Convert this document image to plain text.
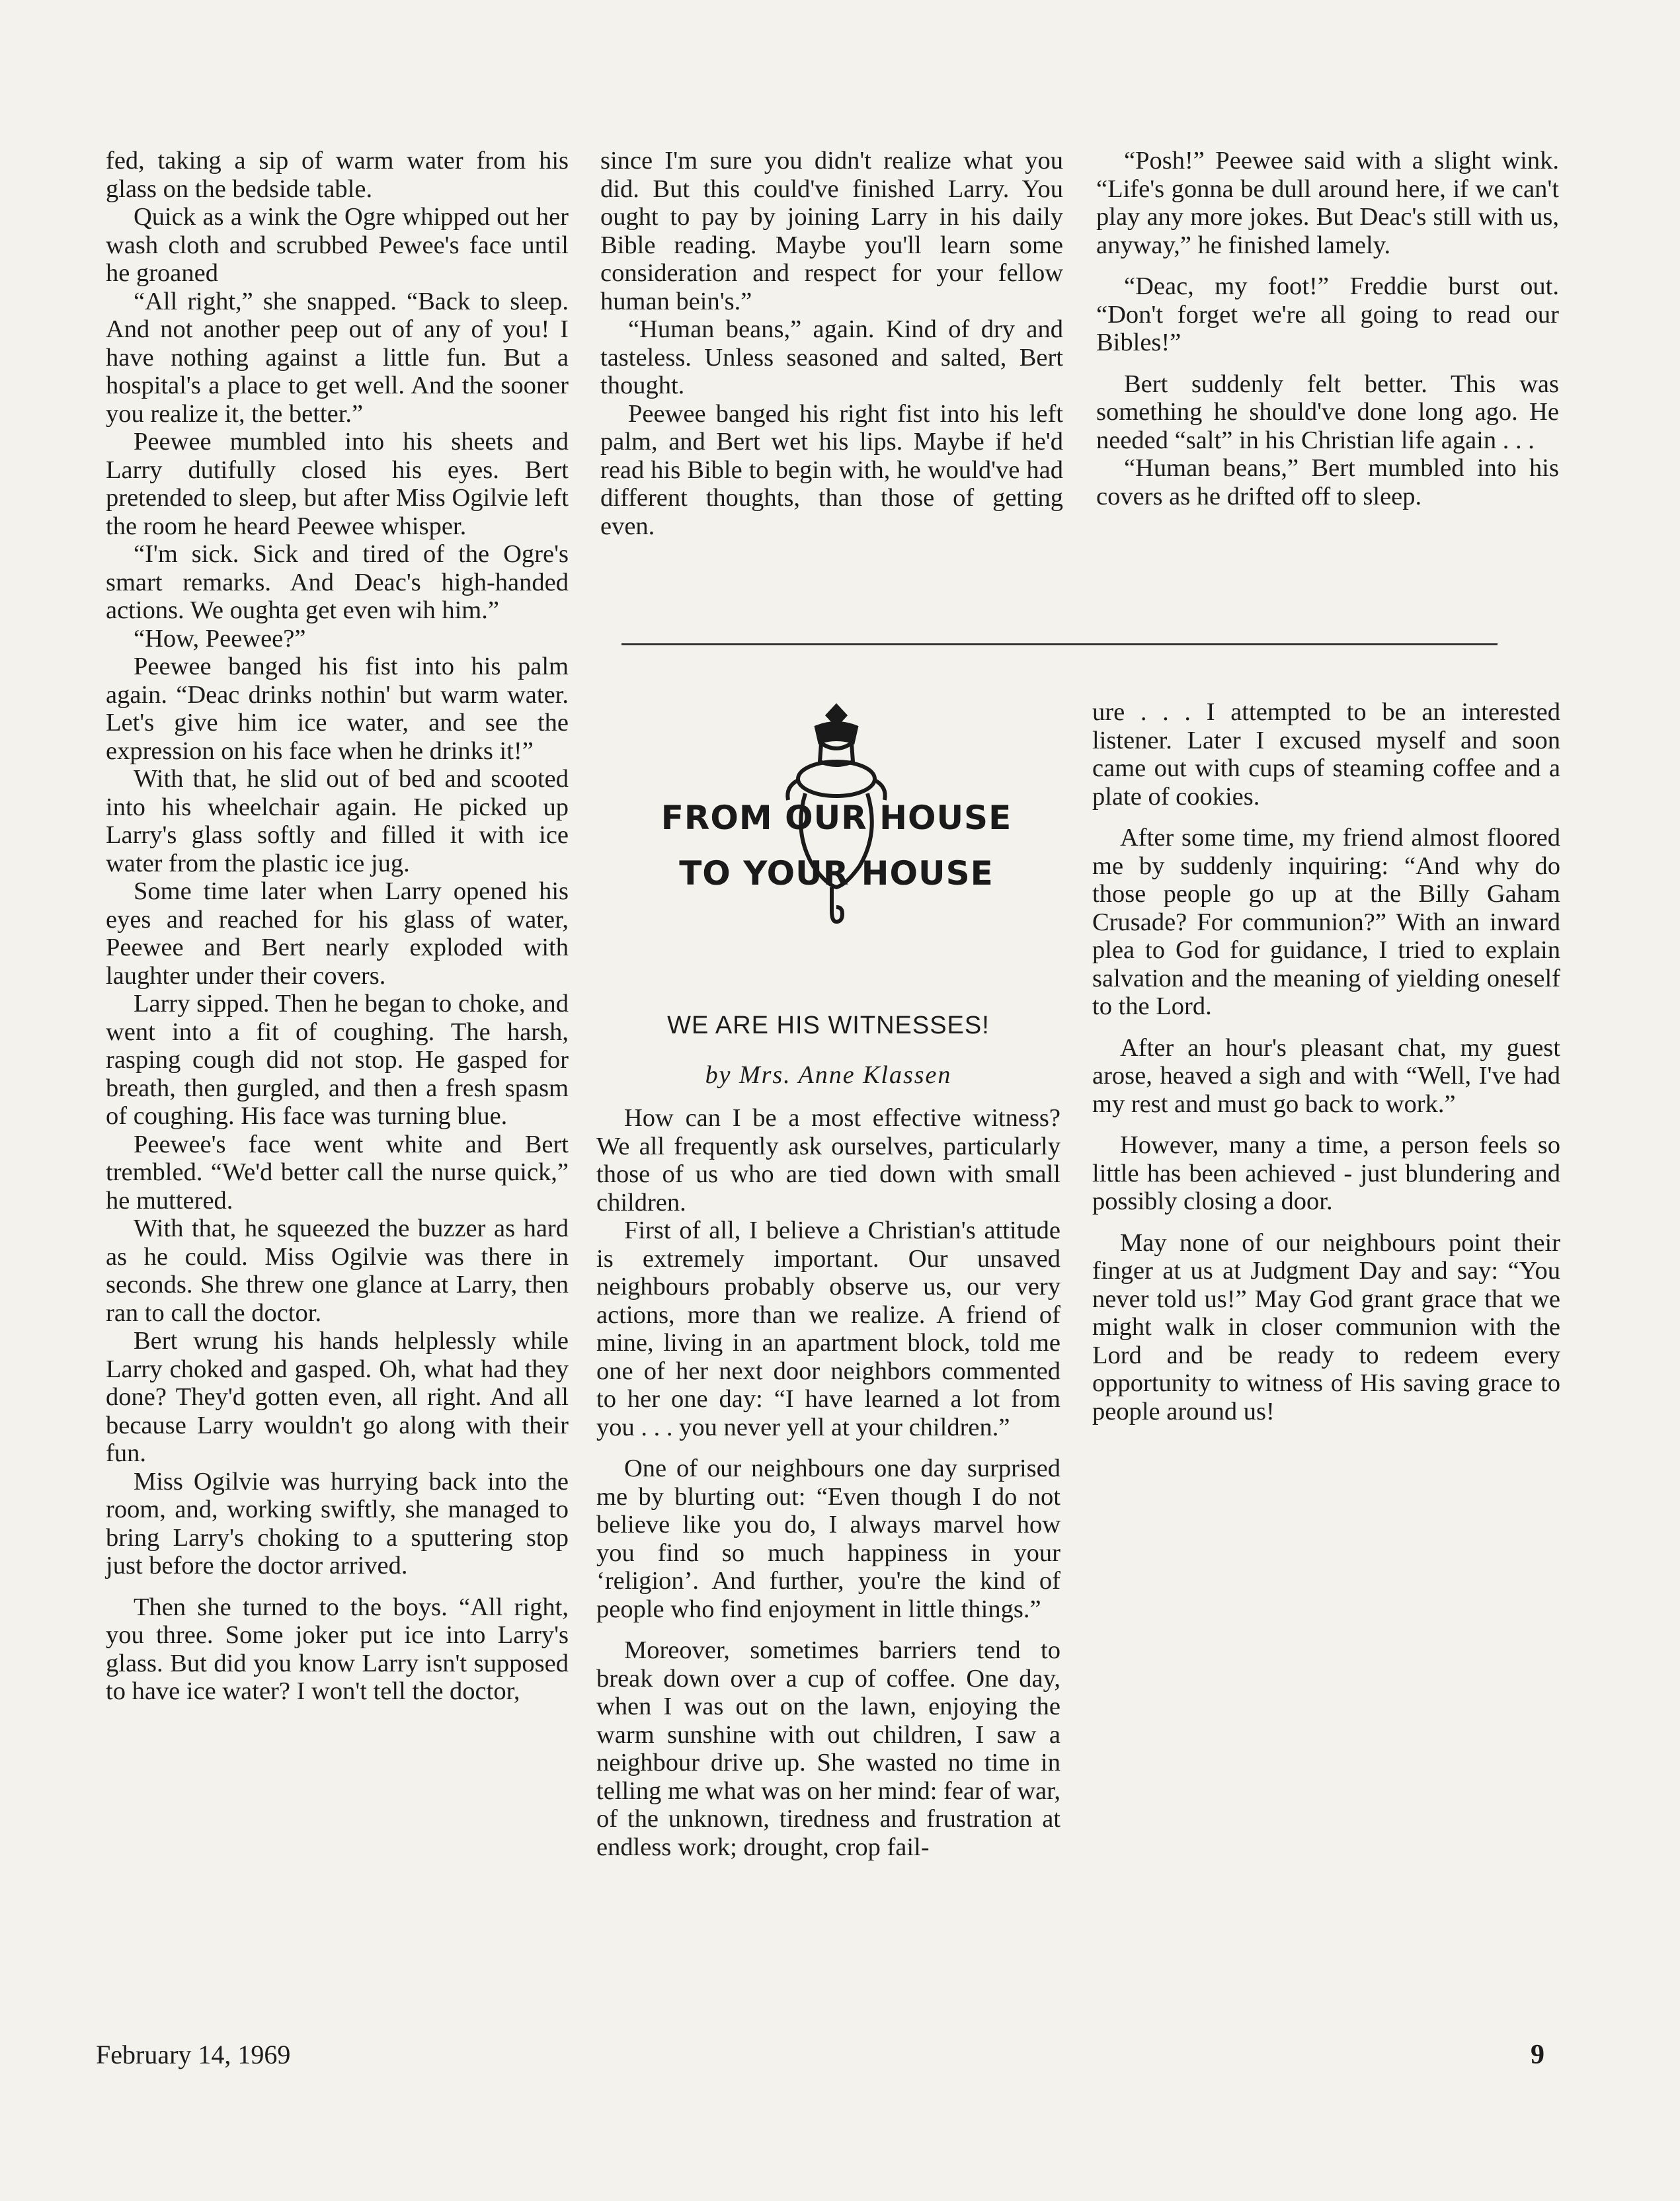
fed, taking a sip of warm water from his glass on the bedside table.

Quick as a wink the Ogre whipped out her wash cloth and scrubbed Pewee's face until he groaned

“All right,” she snapped. “Back to sleep. And not another peep out of any of you! I have nothing against a little fun. But a hospital's a place to get well. And the sooner you realize it, the better.”

Peewee mumbled into his sheets and Larry dutifully closed his eyes. Bert pretended to sleep, but after Miss Ogilvie left the room he heard Peewee whisper.

“I'm sick. Sick and tired of the Ogre's smart remarks. And Deac's high-handed actions. We oughta get even wih him.”

“How, Peewee?”

Peewee banged his fist into his palm again. “Deac drinks nothin' but warm water. Let's give him ice water, and see the expression on his face when he drinks it!”

With that, he slid out of bed and scooted into his wheelchair again. He picked up Larry's glass softly and filled it with ice water from the plastic ice jug.

Some time later when Larry opened his eyes and reached for his glass of water, Peewee and Bert nearly exploded with laughter under their covers.

Larry sipped. Then he began to choke, and went into a fit of coughing. The harsh, rasping cough did not stop. He gasped for breath, then gurgled, and then a fresh spasm of coughing. His face was turning blue.

Peewee's face went white and Bert trembled. “We'd better call the nurse quick,” he muttered.

With that, he squeezed the buzzer as hard as he could. Miss Ogilvie was there in seconds. She threw one glance at Larry, then ran to call the doctor.

Bert wrung his hands helplessly while Larry choked and gasped. Oh, what had they done? They'd gotten even, all right. And all because Larry wouldn't go along with their fun.

Miss Ogilvie was hurrying back into the room, and, working swiftly, she managed to bring Larry's choking to a sputtering stop just before the doctor arrived.

Then she turned to the boys. “All right, you three. Some joker put ice into Larry's glass. But did you know Larry isn't supposed to have ice water? I won't tell the doctor,

since I'm sure you didn't realize what you did. But this could've finished Larry. You ought to pay by joining Larry in his daily Bible reading. Maybe you'll learn some consideration and respect for your fellow human bein's.”

“Human beans,” again. Kind of dry and tasteless. Unless seasoned and salted, Bert thought.

Peewee banged his right fist into his left palm, and Bert wet his lips. Maybe if he'd read his Bible to begin with, he would've had different thoughts, than those of getting even.

“Posh!” Peewee said with a slight wink. “Life's gonna be dull around here, if we can't play any more jokes. But Deac's still with us, anyway,” he finished lamely.

“Deac, my foot!” Freddie burst out. “Don't forget we're all going to read our Bibles!”

Bert suddenly felt better. This was something he should've done long ago. He needed “salt” in his Christian life again . . .

“Human beans,” Bert mumbled into his covers as he drifted off to sleep.

FROM OUR HOUSE
TO YOUR HOUSE
WE ARE HIS WITNESSES!
by Mrs. Anne Klassen

How can I be a most effective witness? We all frequently ask ourselves, particularly those of us who are tied down with small children.

First of all, I believe a Christian's attitude is extremely important. Our unsaved neighbours probably observe us, our very actions, more than we realize. A friend of mine, living in an apartment block, told me one of her next door neighbors commented to her one day: “I have learned a lot from you . . . you never yell at your children.”

One of our neighbours one day surprised me by blurting out: “Even though I do not believe like you do, I always marvel how you find so much happiness in your ‘religion’. And further, you're the kind of people who find enjoyment in little things.”

Moreover, sometimes barriers tend to break down over a cup of coffee. One day, when I was out on the lawn, enjoying the warm sunshine with out children, I saw a neighbour drive up. She wasted no time in telling me what was on her mind: fear of war, of the unknown, tiredness and frustration at endless work; drought, crop fail-

ure . . . I attempted to be an interested listener. Later I excused myself and soon came out with cups of steaming coffee and a plate of cookies.

After some time, my friend almost floored me by suddenly inquiring: “And why do those people go up at the Billy Gaham Crusade? For communion?” With an inward plea to God for guidance, I tried to explain salvation and the meaning of yielding oneself to the Lord.

After an hour's pleasant chat, my guest arose, heaved a sigh and with “Well, I've had my rest and must go back to work.”

However, many a time, a person feels so little has been achieved - just blundering and possibly closing a door.

May none of our neighbours point their finger at us at Judgment Day and say: “You never told us!” May God grant grace that we might walk in closer communion with the Lord and be ready to redeem every opportunity to witness of His saving grace to people around us!

February 14, 1969	9
